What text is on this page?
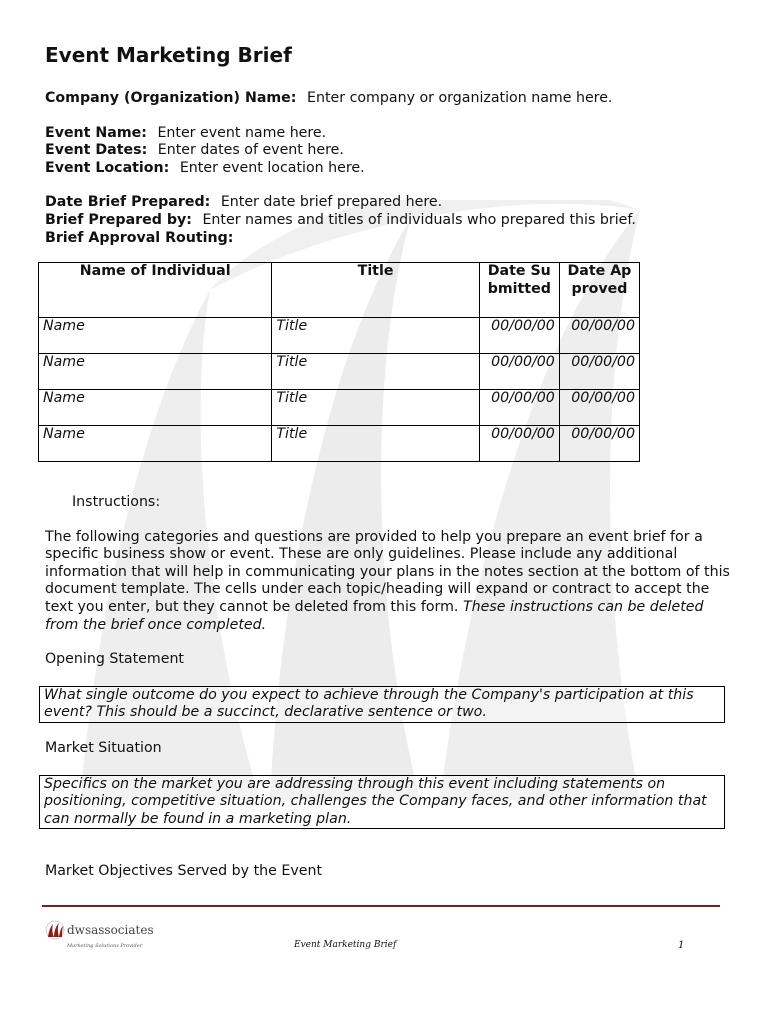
Event Marketing Brief

Company (Organization) Name: Enter company or organization name here.

Event Name: Enter event name here.

Event Dates: Enter dates of event here.

Event Location: Enter event location here.

Date Brief Prepared: Enter date brief prepared here.

Brief Prepared by: Enter names and titles of individuals who prepared this brief.

Brief Approval Routing:

Name of Individual	Title	Date Submitted	Date Approved
Name	Title	00/00/00	00/00/00
Name	Title	00/00/00	00/00/00
Name	Title	00/00/00	00/00/00
Name	Title	00/00/00	00/00/00

Instructions:

The following categories and questions are provided to help you prepare an event brief for a specific business show or event. These are only guidelines. Please include any additional information that will help in communicating your plans in the notes section at the bottom of this document template. The cells under each topic/heading will expand or contract to accept the text you enter, but they cannot be deleted from this form. These instructions can be deleted from the brief once completed.

Opening Statement

What single outcome do you expect to achieve through the Company's participation at this event? This should be a succinct, declarative sentence or two.

Market Situation

Specifics on the market you are addressing through this event including statements on positioning, competitive situation, challenges the Company faces, and other information that can normally be found in a marketing plan.

Market Objectives Served by the Event

dwsassociates
Marketing Solutions Provider	Event Marketing Brief	1
